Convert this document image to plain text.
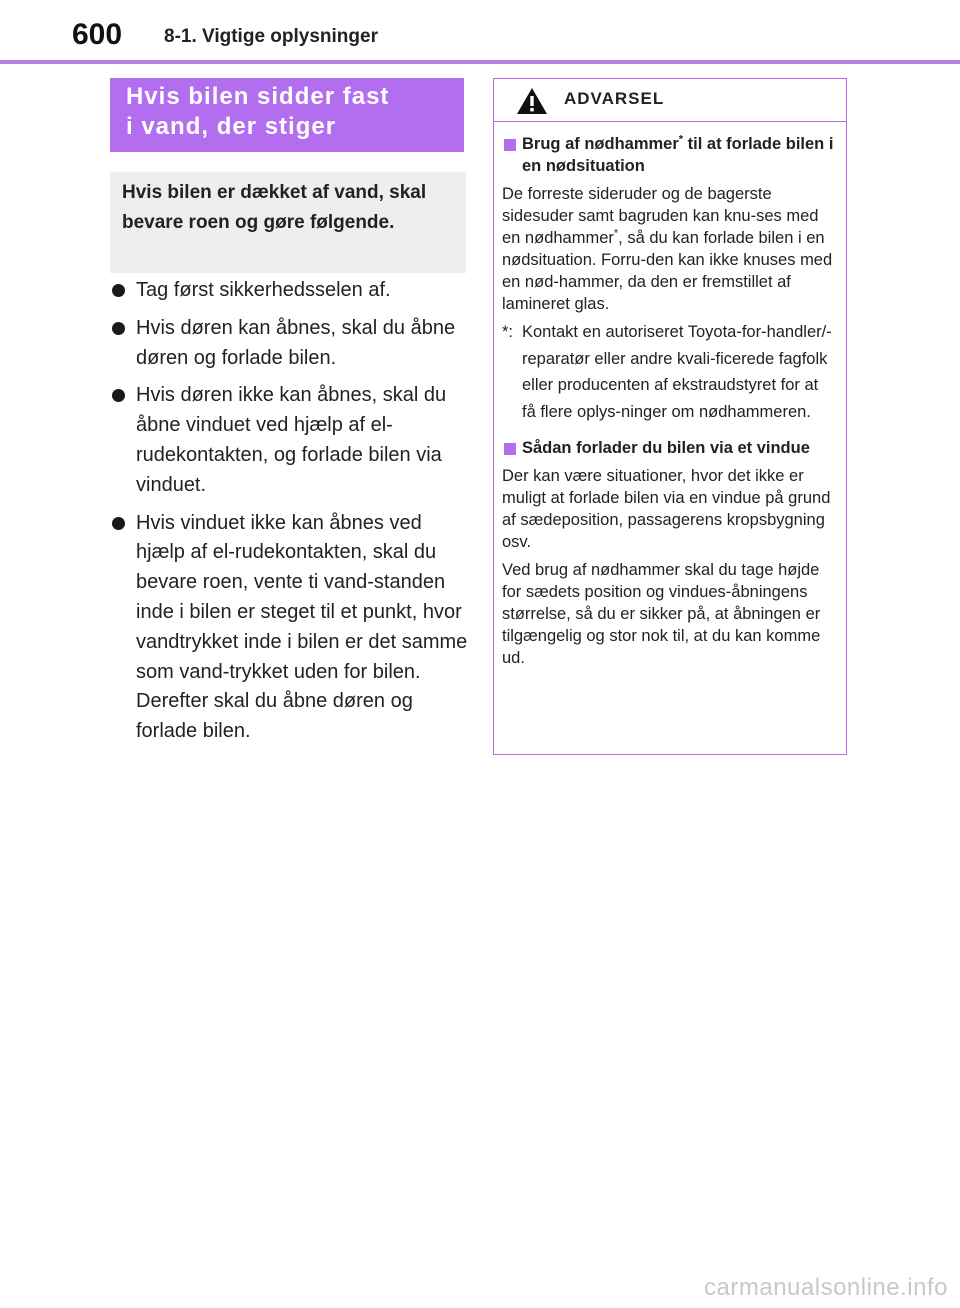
600 8-1. Vigtige oplysninger
Hvis bilen sidder fast
i vand, der stiger
Hvis bilen er dækket af vand, skal bevare roen og gøre følgende.
Tag først sikkerhedsselen af.
Hvis døren kan åbnes, skal du åbne døren og forlade bilen.
Hvis døren ikke kan åbnes, skal du åbne vinduet ved hjælp af el-rudekontakten, og forlade bilen via vinduet.
Hvis vinduet ikke kan åbnes ved hjælp af el-rudekontakten, skal du bevare roen, vente ti vand-standen inde i bilen er steget til et punkt, hvor vandtrykket inde i bilen er det samme som vand-trykket uden for bilen. Derefter skal du åbne døren og forlade bilen.
ADVARSEL
Brug af nødhammer* til at forlade bilen i en nødsituation
De forreste sideruder og de bagerste sidesuder samt bagruden kan knu-ses med en nødhammer*, så du kan forlade bilen i en nødsituation. Forru-den kan ikke knuses med en nød-hammer, da den er fremstillet af lamineret glas.
*: Kontakt en autoriseret Toyota-for-handler/-reparatør eller andre kvali-ficerede fagfolk eller producenten af ekstraudstyret for at få flere oplys-ninger om nødhammeren.
Sådan forlader du bilen via et vindue
Der kan være situationer, hvor det ikke er muligt at forlade bilen via en vindue på grund af sædeposition, passagerens kropsbygning osv.
Ved brug af nødhammer skal du tage højde for sædets position og vindues-åbningens størrelse, så du er sikker på, at åbningen er tilgængelig og stor nok til, at du kan komme ud.
carmanualsonline.info
